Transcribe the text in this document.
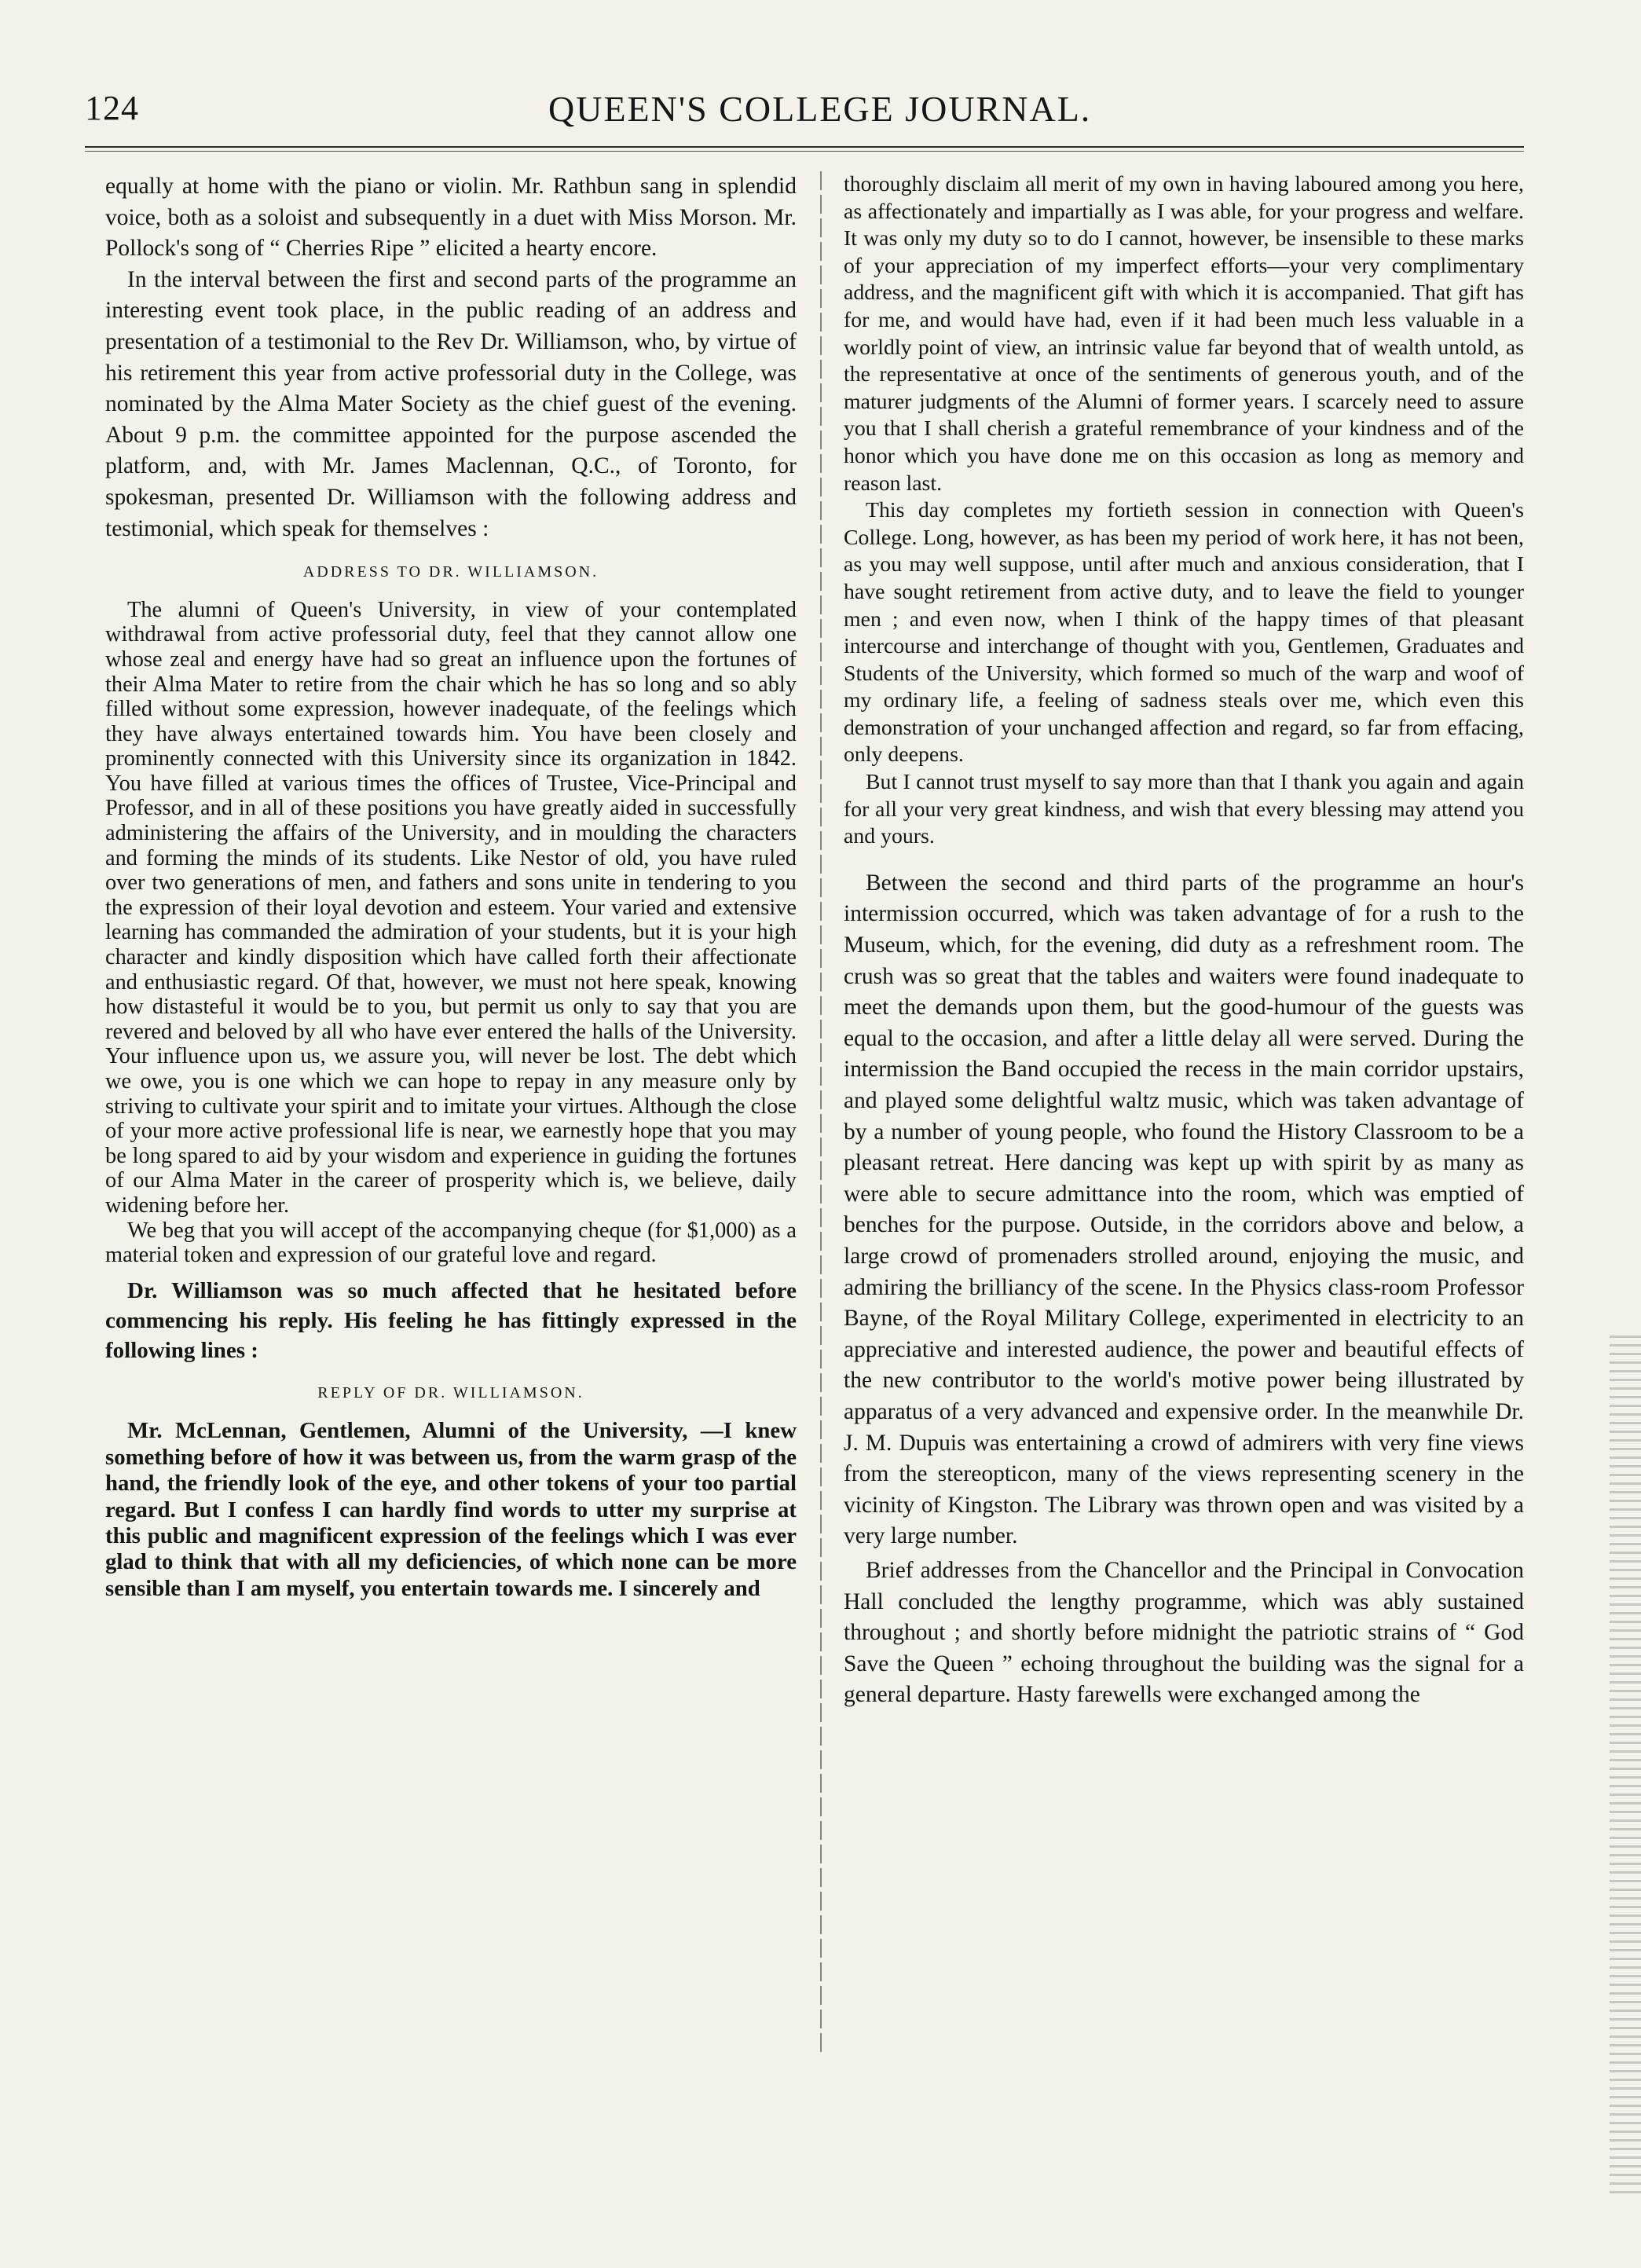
124	QUEEN'S COLLEGE JOURNAL.

equally at home with the piano or violin. Mr. Rathbun sang in splendid voice, both as a soloist and subsequently in a duet with Miss Morson. Mr. Pollock's song of “ Cherries Ripe ” elicited a hearty encore.

In the interval between the first and second parts of the programme an interesting event took place, in the public reading of an address and presentation of a testimonial to the Rev Dr. Williamson, who, by virtue of his retirement this year from active professorial duty in the College, was nominated by the Alma Mater Society as the chief guest of the evening. About 9 p.m. the committee appointed for the purpose ascended the platform, and, with Mr. James Maclennan, Q.C., of Toronto, for spokesman, presented Dr. Williamson with the following address and testimonial, which speak for themselves :

ADDRESS TO DR. WILLIAMSON.

The alumni of Queen's University, in view of your contemplated withdrawal from active professorial duty, feel that they cannot allow one whose zeal and energy have had so great an influence upon the fortunes of their Alma Mater to retire from the chair which he has so long and so ably filled without some expression, however inadequate, of the feelings which they have always entertained towards him. You have been closely and prominently connected with this University since its organization in 1842. You have filled at various times the offices of Trustee, Vice-Principal and Professor, and in all of these positions you have greatly aided in successfully administering the affairs of the University, and in moulding the characters and forming the minds of its students. Like Nestor of old, you have ruled over two generations of men, and fathers and sons unite in tendering to you the expression of their loyal devotion and esteem. Your varied and extensive learning has commanded the admiration of your students, but it is your high character and kindly disposition which have called forth their affectionate and enthusiastic regard. Of that, however, we must not here speak, knowing how distasteful it would be to you, but permit us only to say that you are revered and beloved by all who have ever entered the halls of the University. Your influence upon us, we assure you, will never be lost. The debt which we owe, you is one which we can hope to repay in any measure only by striving to cultivate your spirit and to imitate your virtues. Although the close of your more active professional life is near, we earnestly hope that you may be long spared to aid by your wisdom and experience in guiding the fortunes of our Alma Mater in the career of prosperity which is, we believe, daily widening before her.

We beg that you will accept of the accompanying cheque (for $1,000) as a material token and expression of our grateful love and regard.

Dr. Williamson was so much affected that he hesitated before commencing his reply. His feeling he has fittingly expressed in the following lines :

REPLY OF DR. WILLIAMSON.

Mr. McLennan, Gentlemen, Alumni of the University, —I knew something before of how it was between us, from the warm grasp of the hand, the friendly look of the eye, and other tokens of your too partial regard. But I confess I can hardly find words to utter my surprise at this public and magnificent expression of the feelings which I was ever glad to think that with all my deficiencies, of which none can be more sensible than I am myself, you entertain towards me. I sincerely and

thoroughly disclaim all merit of my own in having laboured among you here, as affectionately and impartially as I was able, for your progress and welfare. It was only my duty so to do I cannot, however, be insensible to these marks of your appreciation of my imperfect efforts—your very complimentary address, and the magnificent gift with which it is accompanied. That gift has for me, and would have had, even if it had been much less valuable in a worldly point of view, an intrinsic value far beyond that of wealth untold, as the representative at once of the sentiments of generous youth, and of the maturer judgments of the Alumni of former years. I scarcely need to assure you that I shall cherish a grateful remembrance of your kindness and of the honor which you have done me on this occasion as long as memory and reason last.

This day completes my fortieth session in connection with Queen's College. Long, however, as has been my period of work here, it has not been, as you may well suppose, until after much and anxious consideration, that I have sought retirement from active duty, and to leave the field to younger men ; and even now, when I think of the happy times of that pleasant intercourse and interchange of thought with you, Gentlemen, Graduates and Students of the University, which formed so much of the warp and woof of my ordinary life, a feeling of sadness steals over me, which even this demonstration of your unchanged affection and regard, so far from effacing, only deepens.

But I cannot trust myself to say more than that I thank you again and again for all your very great kindness, and wish that every blessing may attend you and yours.

Between the second and third parts of the programme an hour's intermission occurred, which was taken advantage of for a rush to the Museum, which, for the evening, did duty as a refreshment room. The crush was so great that the tables and waiters were found inadequate to meet the demands upon them, but the good-humour of the guests was equal to the occasion, and after a little delay all were served. During the intermission the Band occupied the recess in the main corridor upstairs, and played some delightful waltz music, which was taken advantage of by a number of young people, who found the History Classroom to be a pleasant retreat. Here dancing was kept up with spirit by as many as were able to secure admittance into the room, which was emptied of benches for the purpose. Outside, in the corridors above and below, a large crowd of promenaders strolled around, enjoying the music, and admiring the brilliancy of the scene. In the Physics class-room Professor Bayne, of the Royal Military College, experimented in electricity to an appreciative and interested audience, the power and beautiful effects of the new contributor to the world's motive power being illustrated by apparatus of a very advanced and expensive order. In the meanwhile Dr. J. M. Dupuis was entertaining a crowd of admirers with very fine views from the stereopticon, many of the views representing scenery in the vicinity of Kingston. The Library was thrown open and was visited by a very large number.

Brief addresses from the Chancellor and the Principal in Convocation Hall concluded the lengthy programme, which was ably sustained throughout ; and shortly before midnight the patriotic strains of “ God Save the Queen ” echoing throughout the building was the signal for a general departure. Hasty farewells were exchanged among the
